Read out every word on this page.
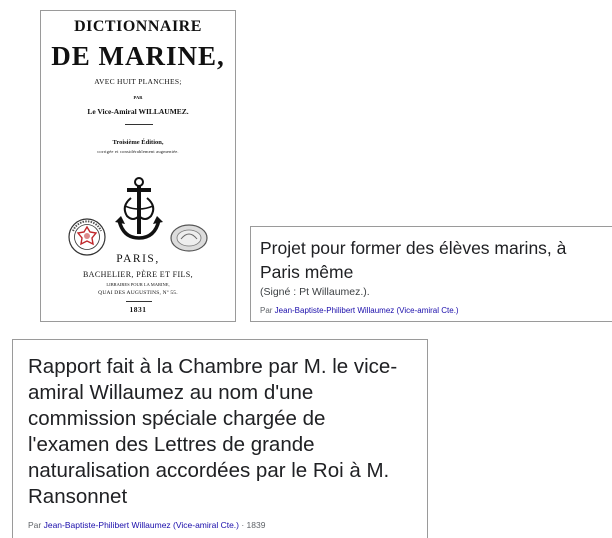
DICTIONNAIRE
DE MARINE,
AVEC HUIT PLANCHES;
PAR
Le Vice-Amiral WILLAUMEZ.
Troisième Édition,
corrigée et considérablement augmentée.
PARIS,
BACHELIER, PÈRE ET FILS,
LIBRAIRES POUR LA MARINE,
QUAI DES AUGUSTINS, Nº 55.
1831
Projet pour former des élèves marins, à
Paris même
(Signé : Pt Willaumez.).
Par Jean-Baptiste-Philibert Willaumez (Vice-amiral Cte.)
Rapport fait à la Chambre par M. le vice-
amiral Willaumez au nom d'une
commission spéciale chargée de
l'examen des Lettres de grande
naturalisation accordées par le Roi à M.
Ransonnet
Par Jean-Baptiste-Philibert Willaumez (Vice-amiral Cte.) · 1839
